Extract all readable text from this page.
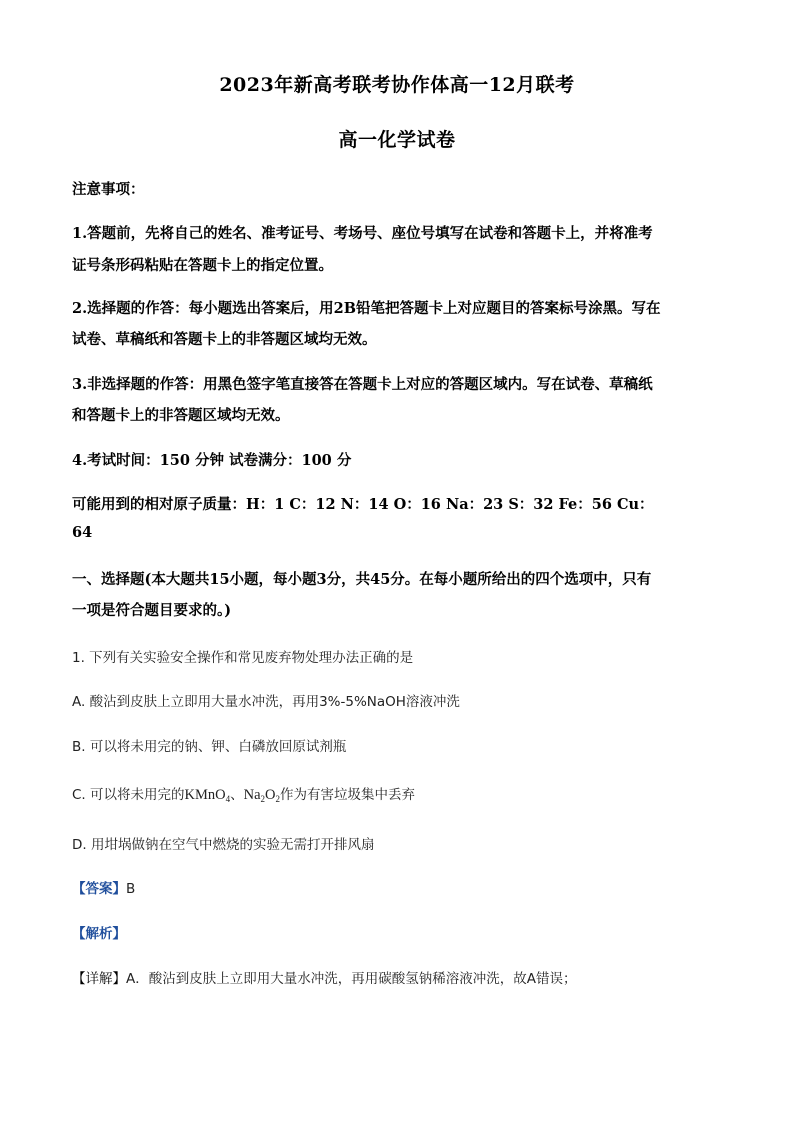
2023年新高考联考协作体高一12月联考
高一化学试卷
注意事项：
1.答题前，先将自己的姓名、准考证号、考场号、座位号填写在试卷和答题卡上，并将准考
证号条形码粘贴在答题卡上的指定位置。
2.选择题的作答：每小题选出答案后，用2B铅笔把答题卡上对应题目的答案标号涂黑。写在
试卷、草稿纸和答题卡上的非答题区域均无效。
3.非选择题的作答：用黑色签字笔直接答在答题卡上对应的答题区域内。写在试卷、草稿纸
和答题卡上的非答题区域均无效。
4.考试时间：150 分钟 试卷满分：100 分
可能用到的相对原子质量：H：1 C：12 N：14 O：16 Na：23 S：32 Fe：56 Cu：
64
一、选择题(本大题共15小题，每小题3分，共45分。在每小题所给出的四个选项中，只有
一项是符合题目要求的。)
1. 下列有关实验安全操作和常见废弃物处理办法正确的是
A. 酸沾到皮肤上立即用大量水冲洗，再用3%-5%NaOH溶液冲洗
B. 可以将未用完的钠、钾、白磷放回原试剂瓶
C. 可以将未用完的KMnO$_4$、$Na_2O_2$作为有害垃圾集中丢弃
D. 用坩埚做钠在空气中燃烧的实验无需打开排风扇
【答案】B
【解析】
【详解】A．酸沾到皮肤上立即用大量水冲洗，再用碳酸氢钠稀溶液冲洗，故A错误；
